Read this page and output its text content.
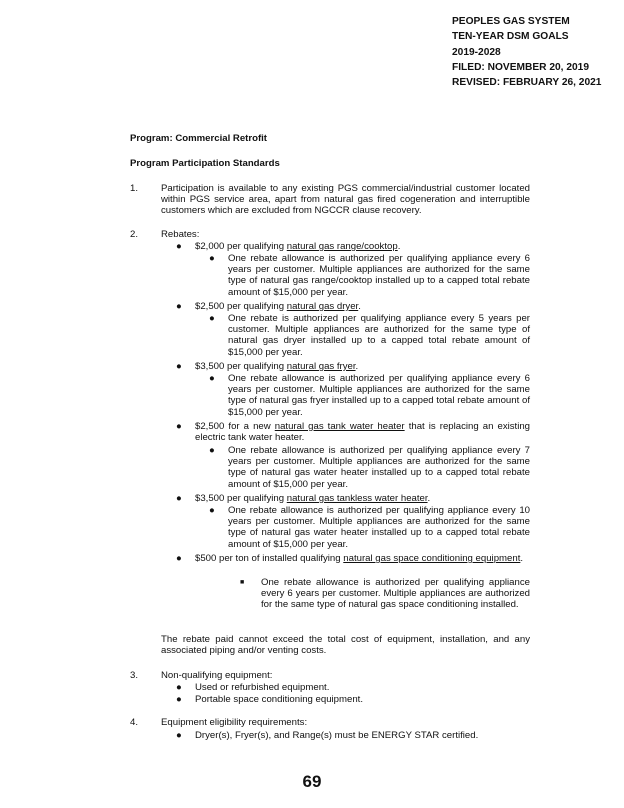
PEOPLES GAS SYSTEM
TEN-YEAR DSM GOALS
2019-2028
FILED: NOVEMBER 20, 2019
REVISED: FEBRUARY 26, 2021
Program: Commercial Retrofit
Program Participation Standards
1. Participation is available to any existing PGS commercial/industrial customer located within PGS service area, apart from natural gas fired cogeneration and interruptible customers which are excluded from NGCCR clause recovery.
2. Rebates:
● $2,000 per qualifying natural gas range/cooktop.
● One rebate allowance is authorized per qualifying appliance every 6 years per customer. Multiple appliances are authorized for the same type of natural gas range/cooktop installed up to a capped total rebate amount of $15,000 per year.
● $2,500 per qualifying natural gas dryer.
● One rebate is authorized per qualifying appliance every 5 years per customer. Multiple appliances are authorized for the same type of natural gas dryer installed up to a capped total rebate amount of $15,000 per year.
● $3,500 per qualifying natural gas fryer.
● One rebate allowance is authorized per qualifying appliance every 6 years per customer. Multiple appliances are authorized for the same type of natural gas fryer installed up to a capped total rebate amount of $15,000 per year.
● $2,500 for a new natural gas tank water heater that is replacing an existing electric tank water heater.
● One rebate allowance is authorized per qualifying appliance every 7 years per customer. Multiple appliances are authorized for the same type of natural gas water heater installed up to a capped total rebate amount of $15,000 per year.
● $3,500 per qualifying natural gas tankless water heater.
● One rebate allowance is authorized per qualifying appliance every 10 years per customer. Multiple appliances are authorized for the same type of natural gas water heater installed up to a capped total rebate amount of $15,000 per year.
● $500 per ton of installed qualifying natural gas space conditioning equipment.
■ One rebate allowance is authorized per qualifying appliance every 6 years per customer. Multiple appliances are authorized for the same type of natural gas space conditioning installed.
The rebate paid cannot exceed the total cost of equipment, installation, and any associated piping and/or venting costs.
3. Non-qualifying equipment:
● Used or refurbished equipment.
● Portable space conditioning equipment.
4. Equipment eligibility requirements:
● Dryer(s), Fryer(s), and Range(s) must be ENERGY STAR certified.
69
